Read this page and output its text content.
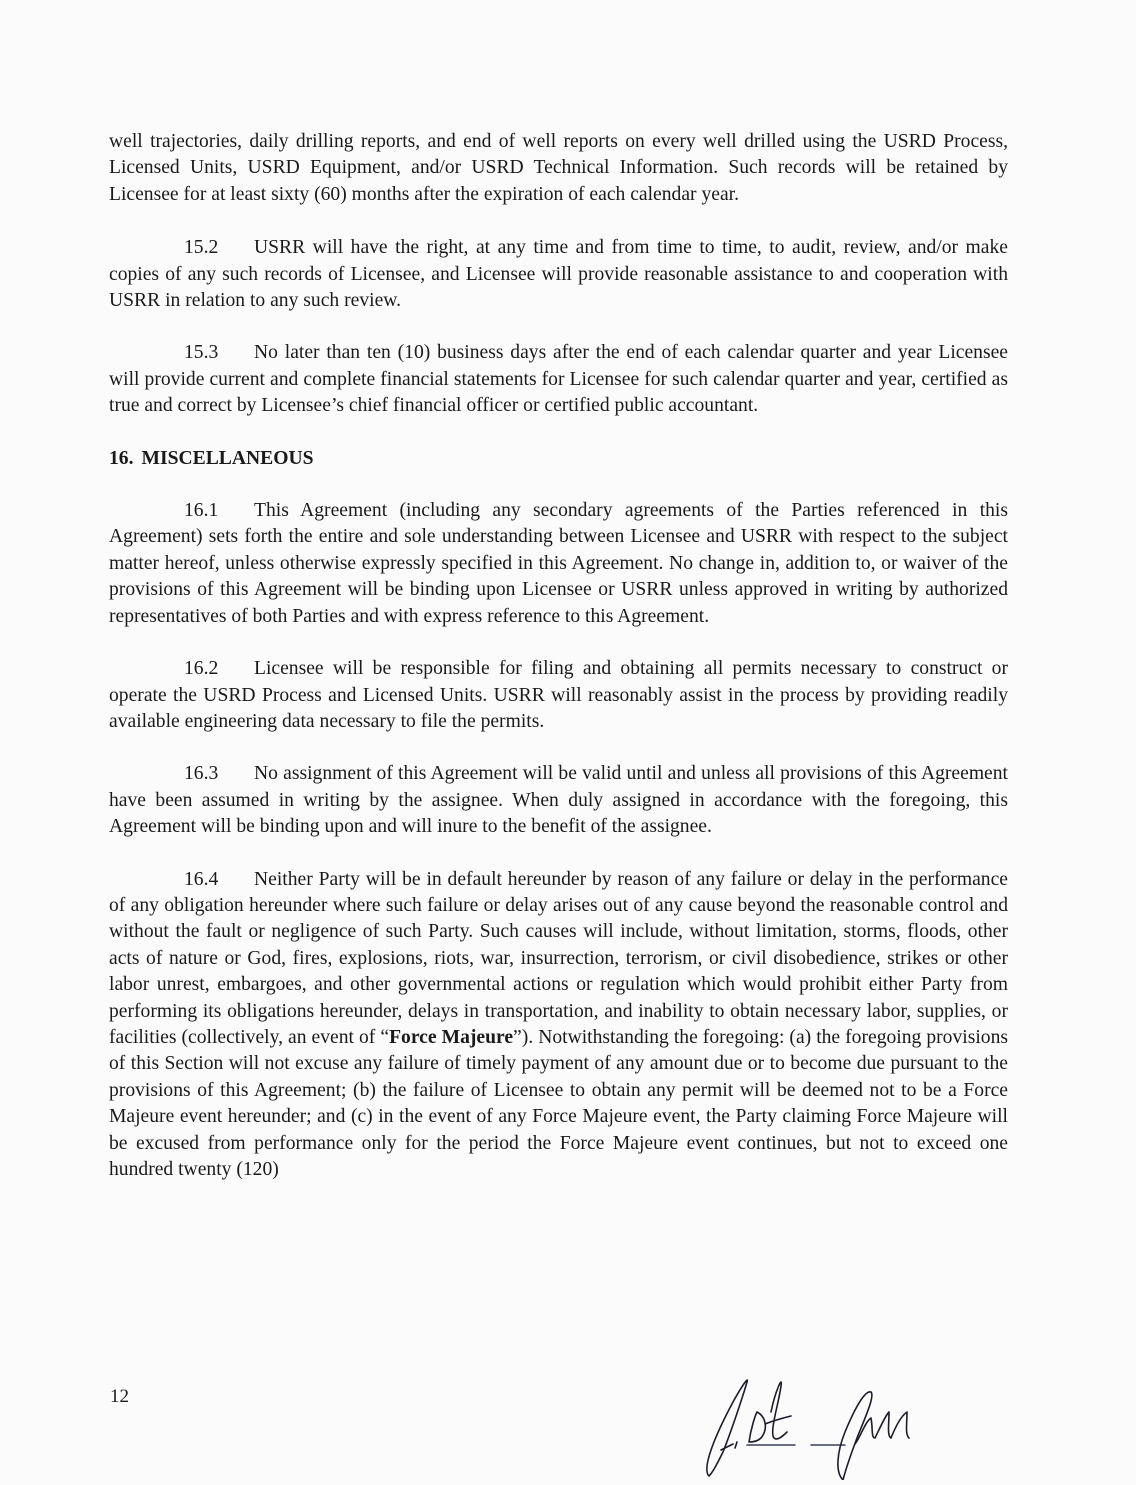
well trajectories, daily drilling reports, and end of well reports on every well drilled using the USRD Process, Licensed Units, USRD Equipment, and/or USRD Technical Information. Such records will be retained by Licensee for at least sixty (60) months after the expiration of each calendar year.

15.2 USRR will have the right, at any time and from time to time, to audit, review, and/or make copies of any such records of Licensee, and Licensee will provide reasonable assistance to and cooperation with USRR in relation to any such review.

15.3 No later than ten (10) business days after the end of each calendar quarter and year Licensee will provide current and complete financial statements for Licensee for such calendar quarter and year, certified as true and correct by Licensee’s chief financial officer or certified public accountant.

16. MISCELLANEOUS

16.1 This Agreement (including any secondary agreements of the Parties referenced in this Agreement) sets forth the entire and sole understanding between Licensee and USRR with respect to the subject matter hereof, unless otherwise expressly specified in this Agreement. No change in, addition to, or waiver of the provisions of this Agreement will be binding upon Licensee or USRR unless approved in writing by authorized representatives of both Parties and with express reference to this Agreement.

16.2 Licensee will be responsible for filing and obtaining all permits necessary to construct or operate the USRD Process and Licensed Units. USRR will reasonably assist in the process by providing readily available engineering data necessary to file the permits.

16.3 No assignment of this Agreement will be valid until and unless all provisions of this Agreement have been assumed in writing by the assignee. When duly assigned in accordance with the foregoing, this Agreement will be binding upon and will inure to the benefit of the assignee.

16.4 Neither Party will be in default hereunder by reason of any failure or delay in the performance of any obligation hereunder where such failure or delay arises out of any cause beyond the reasonable control and without the fault or negligence of such Party. Such causes will include, without limitation, storms, floods, other acts of nature or God, fires, explosions, riots, war, insurrection, terrorism, or civil disobedience, strikes or other labor unrest, embargoes, and other governmental actions or regulation which would prohibit either Party from performing its obligations hereunder, delays in transportation, and inability to obtain necessary labor, supplies, or facilities (collectively, an event of “Force Majeure”). Notwithstanding the foregoing: (a) the foregoing provisions of this Section will not excuse any failure of timely payment of any amount due or to become due pursuant to the provisions of this Agreement; (b) the failure of Licensee to obtain any permit will be deemed not to be a Force Majeure event hereunder; and (c) in the event of any Force Majeure event, the Party claiming Force Majeure will be excused from performance only for the period the Force Majeure event continues, but not to exceed one hundred twenty (120)

12
